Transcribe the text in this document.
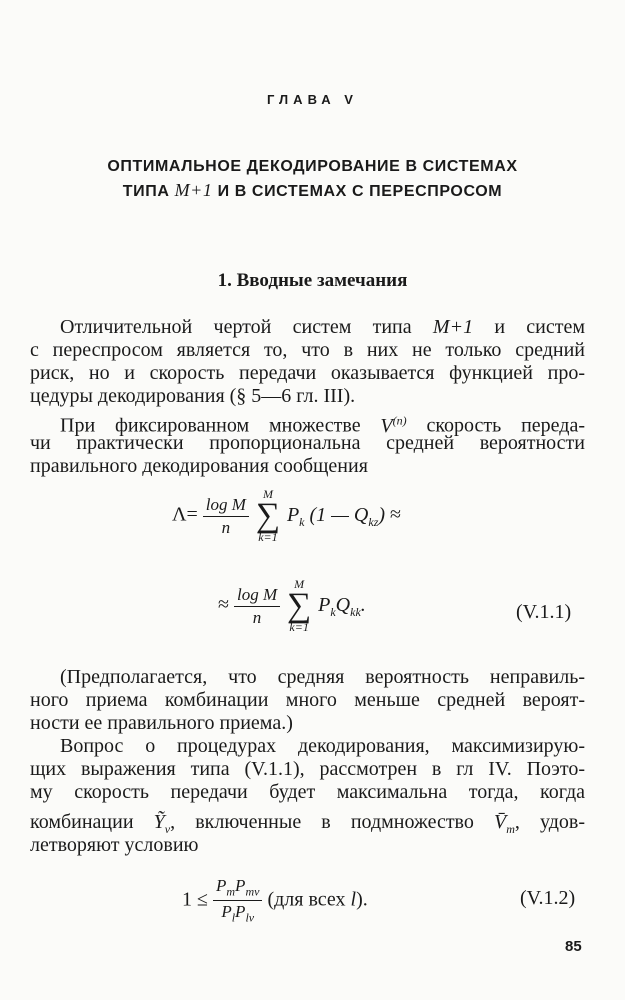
ГЛАВА V
ОПТИМАЛЬНОЕ ДЕКОДИРОВАНИЕ В СИСТЕМАХ
ТИПА M+1 И В СИСТЕМАХ С ПЕРЕСПРОСОМ
1. Вводные замечания
Отличительной чертой систем типа M+1 и систем
с переспросом является то, что в них не только средний
риск, но и скорость передачи оказывается функцией про-
цедуры декодирования (§ 5—6 гл. III).
При фиксированном множестве $V^{(n)}$ скорость переда-
чи практически пропорциональна средней вероятности
правильного декодирования сообщения
$\Lambda= \frac{\text{log M}}{n}$

M
∑
k=1
$P_k$ (1 — $Q_{kz}$) ≈
≈ $\frac{\text{log M}}{n}$

M
∑
k=1
$P_kQ_{kk}$.	(V.1.1)
(Предполагается, что средняя вероятность неправиль-
ного приема комбинации много меньше средней вероят-
ности ее правильного приема.)
Вопрос о процедурах декодирования, максимизирую-
щих выражения типа (V.1.1), рассмотрен в гл IV. Поэто-
му скорость передачи будет максимальна тогда, когда
комбинации Ỹ$_\nu$, включенные в подмножество $V̄_m$, удов-
летворяют условию
$1 \le \frac{P_mP_{m\nu}}{P_lP_{l\nu}} (для$ всех l).	(V.1.2)
85
